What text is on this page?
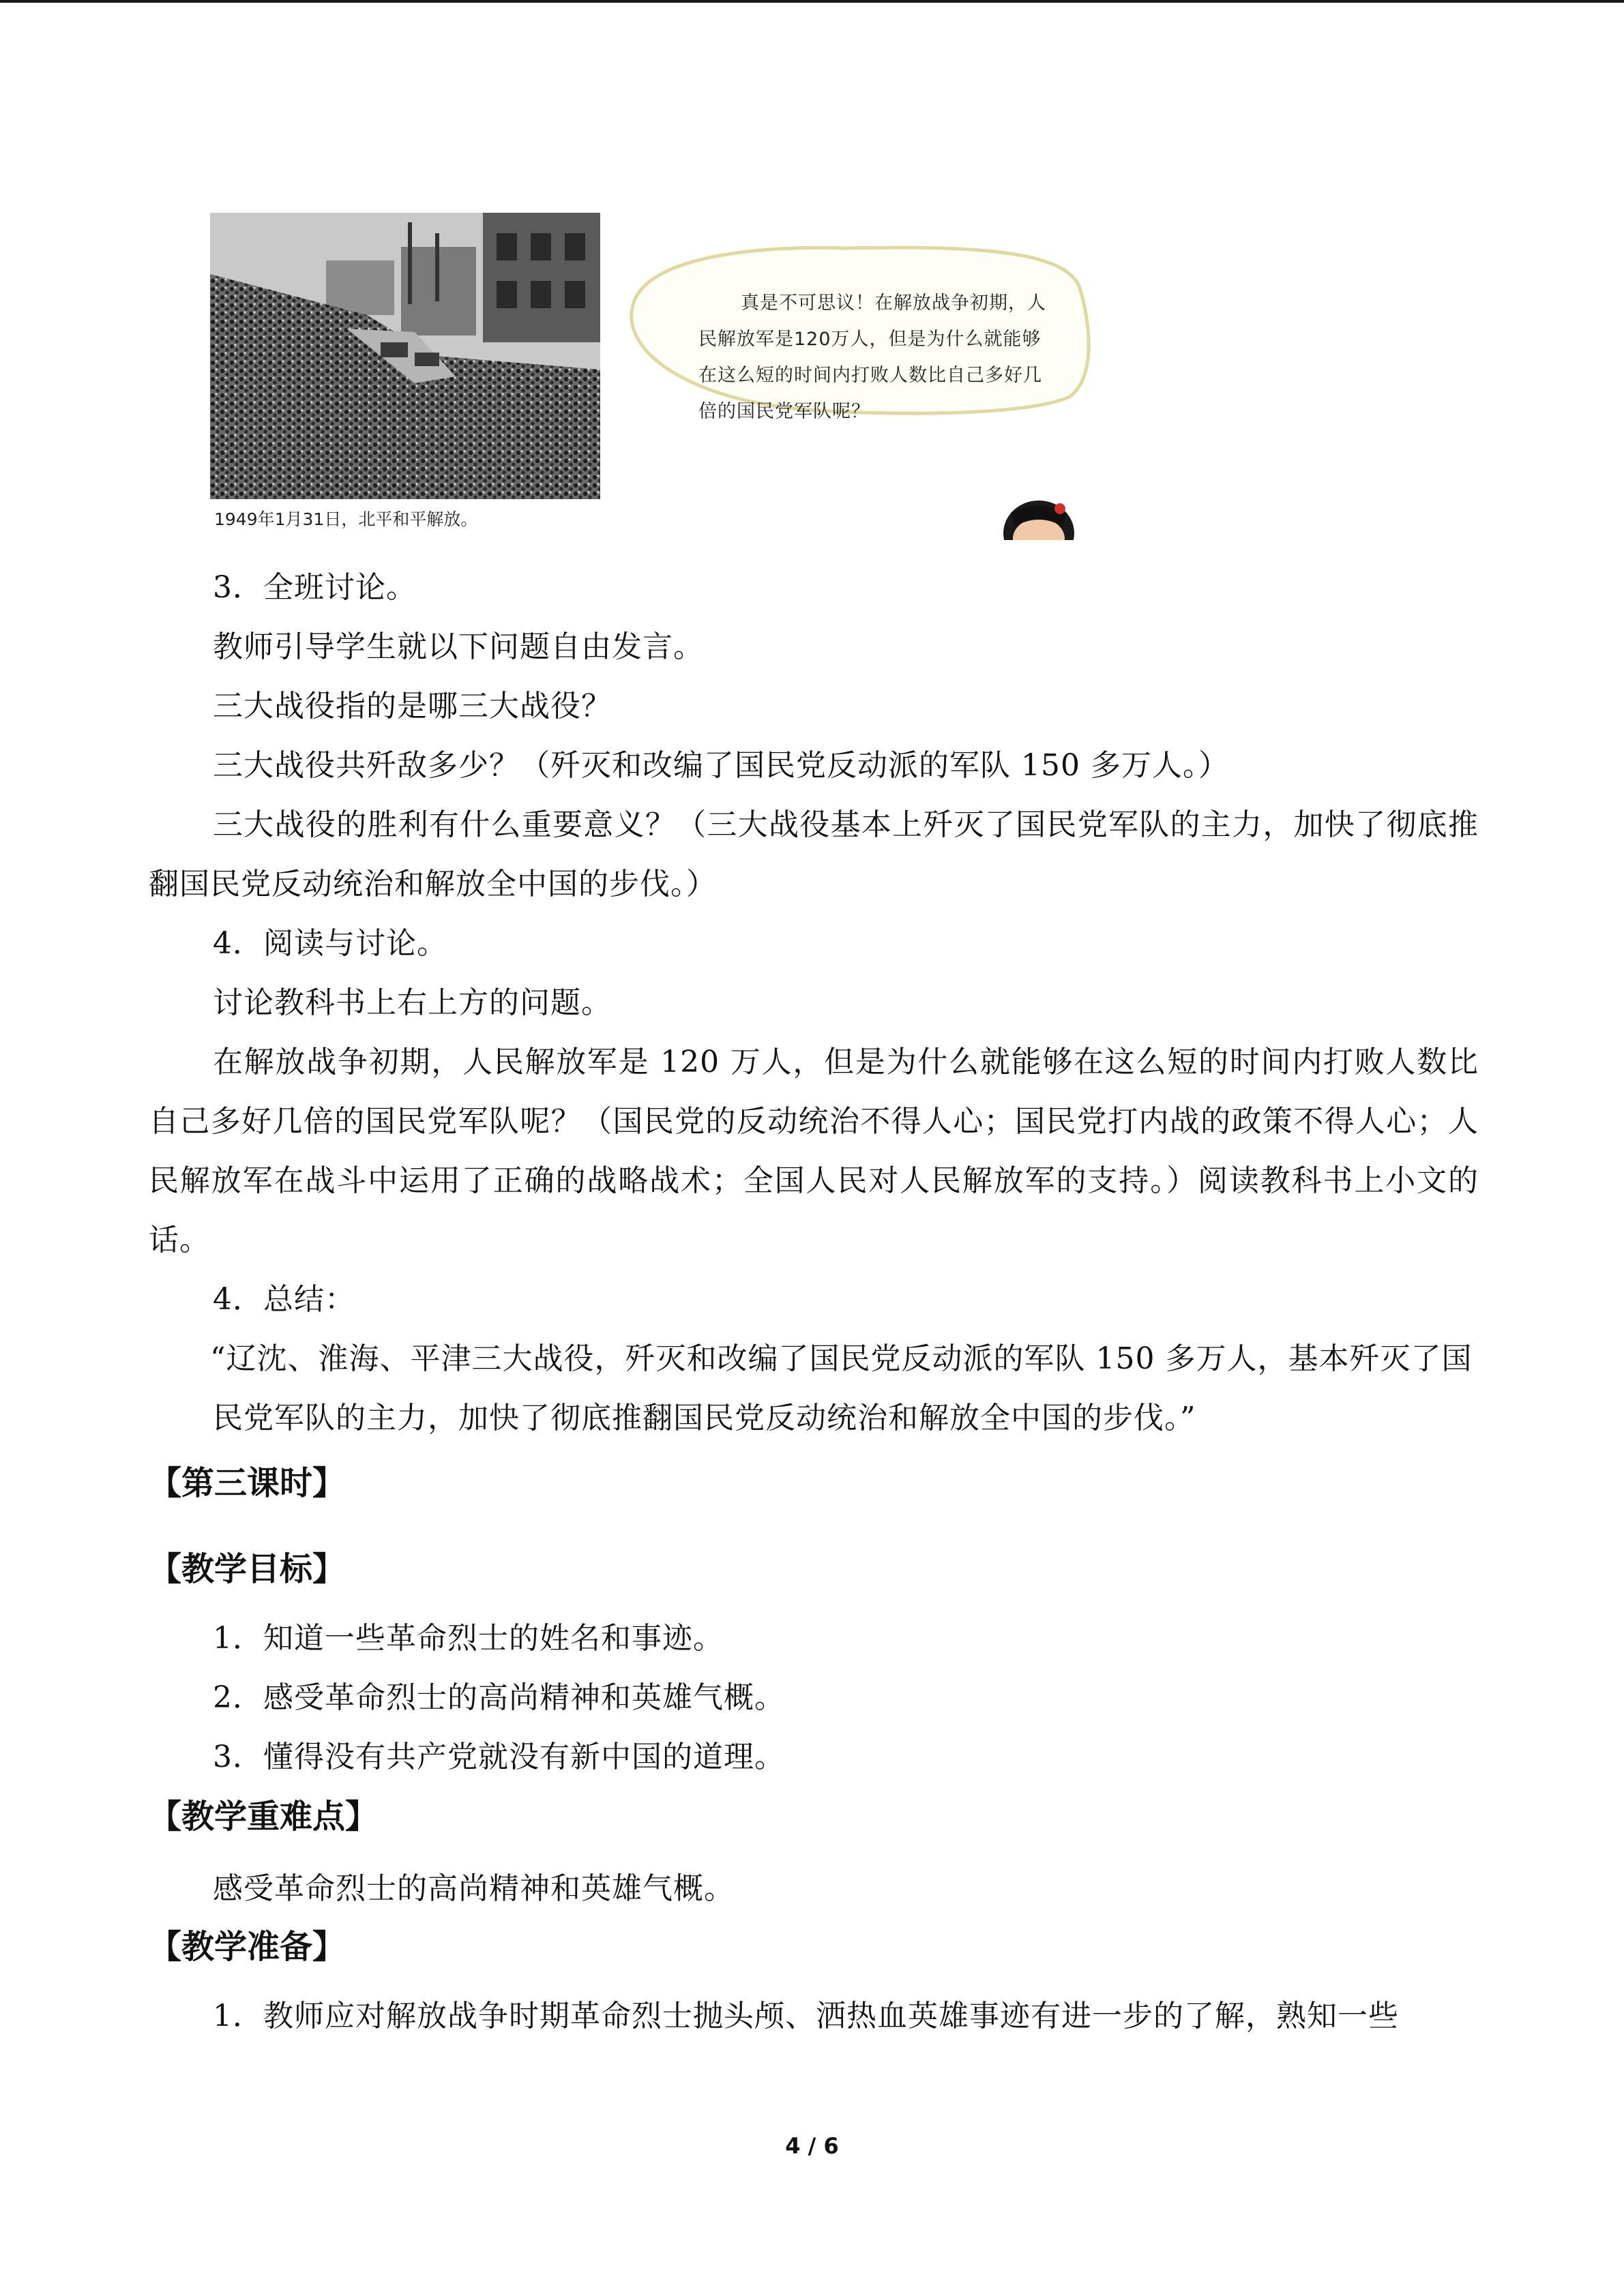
1949年1月31日，北平和平解放。
真是不可思议！在解放战争初期，人民解放军是120万人，但是为什么就能够在这么短的时间内打败人数比自己多好几倍的国民党军队呢？

3．全班讨论。

教师引导学生就以下问题自由发言。

三大战役指的是哪三大战役？

三大战役共歼敌多少？（歼灭和改编了国民党反动派的军队 150 多万人。）

三大战役的胜利有什么重要意义？（三大战役基本上歼灭了国民党军队的主力，加快了彻底推翻国民党反动统治和解放全中国的步伐。）

4．阅读与讨论。

讨论教科书上右上方的问题。

在解放战争初期，人民解放军是 120 万人，但是为什么就能够在这么短的时间内打败人数比自己多好几倍的国民党军队呢？（国民党的反动统治不得人心；国民党打内战的政策不得人心；人民解放军在战斗中运用了正确的战略战术；全国人民对人民解放军的支持。）阅读教科书上小文的话。

4．总结：

“辽沈、淮海、平津三大战役，歼灭和改编了国民党反动派的军队 150 多万人，基本歼灭了国民党军队的主力，加快了彻底推翻国民党反动统治和解放全中国的步伐。”

【第三课时】

【教学目标】

1．知道一些革命烈士的姓名和事迹。

2．感受革命烈士的高尚精神和英雄气概。

3．懂得没有共产党就没有新中国的道理。

【教学重难点】

感受革命烈士的高尚精神和英雄气概。

【教学准备】

1．教师应对解放战争时期革命烈士抛头颅、洒热血英雄事迹有进一步的了解，熟知一些

4 / 6
